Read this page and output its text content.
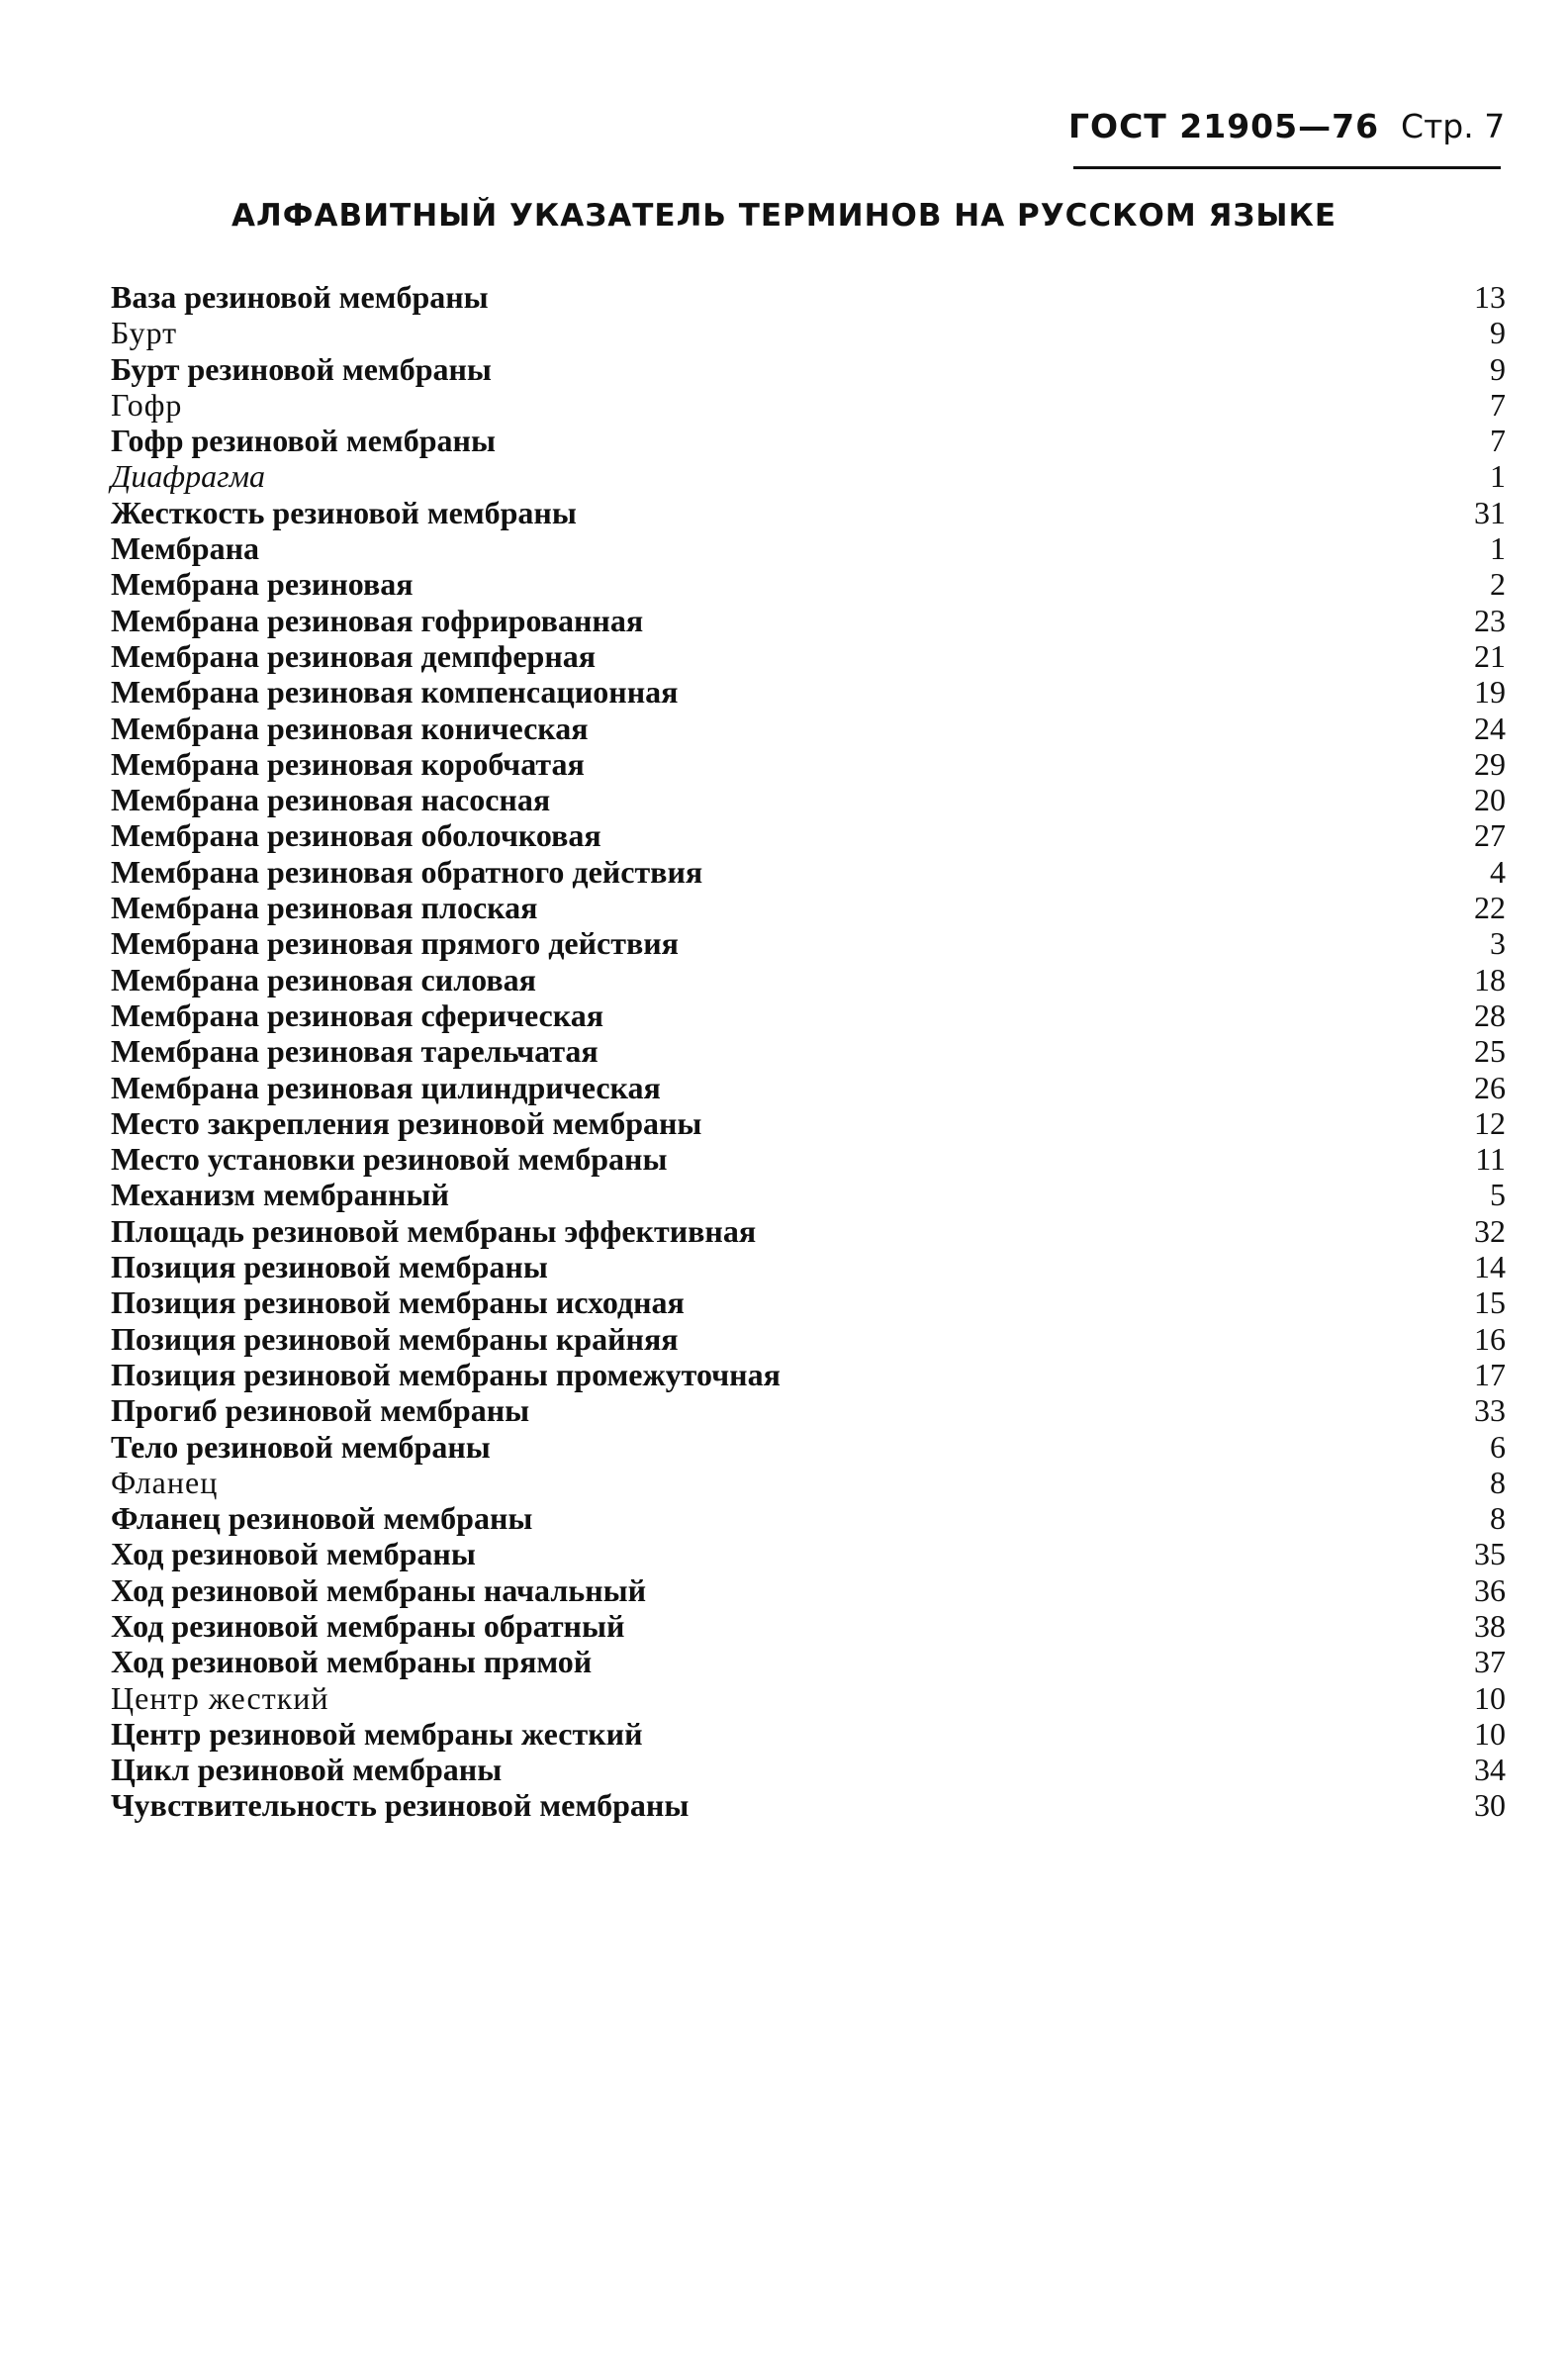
ГОСТ 21905—76 Стр. 7
АЛФАВИТНЫЙ УКАЗАТЕЛЬ ТЕРМИНОВ НА РУССКОМ ЯЗЫКЕ
Ваза резиновой мембраны	13
Бурт	9
Бурт резиновой мембраны	9
Гофр	7
Гофр резиновой мембраны	7
Диафрагма	1
Жесткость резиновой мембраны	31
Мембрана	1
Мембрана резиновая	2
Мембрана резиновая гофрированная	23
Мембрана резиновая демпферная	21
Мембрана резиновая компенсационная	19
Мембрана резиновая коническая	24
Мембрана резиновая коробчатая	29
Мембрана резиновая насосная	20
Мембрана резиновая оболочковая	27
Мембрана резиновая обратного действия	4
Мембрана резиновая плоская	22
Мембрана резиновая прямого действия	3
Мембрана резиновая силовая	18
Мембрана резиновая сферическая	28
Мембрана резиновая тарельчатая	25
Мембрана резиновая цилиндрическая	26
Место закрепления резиновой мембраны	12
Место установки резиновой мембраны	11
Механизм мембранный	5
Площадь резиновой мембраны эффективная	32
Позиция резиновой мембраны	14
Позиция резиновой мембраны исходная	15
Позиция резиновой мембраны крайняя	16
Позиция резиновой мембраны промежуточная	17
Прогиб резиновой мембраны	33
Тело резиновой мембраны	6
Фланец	8
Фланец резиновой мембраны	8
Ход резиновой мембраны	35
Ход резиновой мембраны начальный	36
Ход резиновой мембраны обратный	38
Ход резиновой мембраны прямой	37
Центр жесткий	10
Центр резиновой мембраны жесткий	10
Цикл резиновой мембраны	34
Чувствительность резиновой мембраны	30
